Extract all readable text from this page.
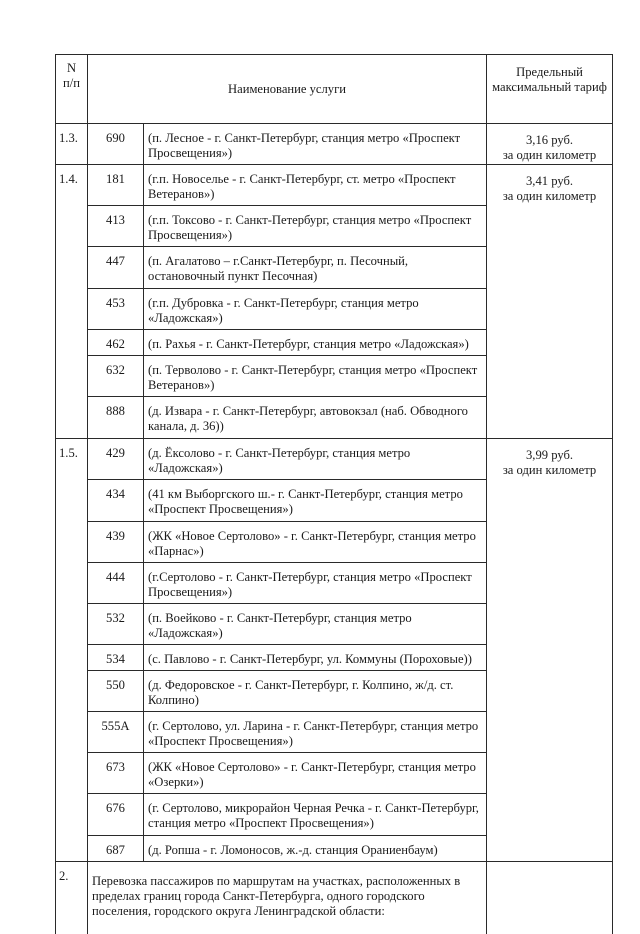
N
п/п	Наименование услуги		Предельный максимальный тариф
1.3.	690	(п. Лесное - г. Санкт-Петербург, станция метро «Проспект Просвещения»)	3,16 руб.
за один километр

1.4.	181	(г.п. Новоселье - г. Санкт-Петербург, ст. метро «Проспект Ветеранов»)	3,41 руб.
за один километр

	413	(г.п. Токсово - г. Санкт-Петербург, станция метро «Проспект Просвещения»)	
	447	(п. Агалатово – г.Санкт-Петербург, п. Песочный, остановочный пункт Песочная)	
	453	(г.п. Дубровка - г. Санкт-Петербург, станция метро «Ладожская»)	
	462	(п. Рахья - г. Санкт-Петербург, станция метро «Ладожская»)	
	632	(п. Терволово - г. Санкт-Петербург, станция метро «Проспект Ветеранов»)	
	888	(д. Извара - г. Санкт-Петербург, автовокзал (наб. Обводного канала, д. 36))	
1.5.	429	(д. Ёксолово - г. Санкт-Петербург, станция метро «Ладожская»)	3,99 руб.
за один километр

	434	(41 км Выборгского ш.- г. Санкт-Петербург, станция метро «Проспект Просвещения»)	
	439	(ЖК «Новое Сертолово» - г. Санкт-Петербург, станция метро «Парнас»)	
	444	(г.Сертолово - г. Санкт-Петербург, станция метро «Проспект Просвещения»)	
	532	(п. Воейково - г. Санкт-Петербург, станция метро «Ладожская»)	
	534	(с. Павлово - г. Санкт-Петербург, ул. Коммуны (Пороховые))	
	550	(д. Федоровское - г. Санкт-Петербург, г. Колпино, ж/д. ст. Колпино)	
	555А	(г. Сертолово, ул. Ларина - г. Санкт-Петербург, станция метро «Проспект Просвещения»)	
	673	(ЖК «Новое Сертолово» - г. Санкт-Петербург, станция метро «Озерки»)	
	676	(г. Сертолово, микрорайон Черная Речка - г. Санкт-Петербург, станция метро «Проспект Просвещения»)	
	687	(д. Ропша - г. Ломоносов, ж.-д. станция Ораниенбаум)	
2.	Перевозка пассажиров по маршрутам на участках, расположенных в пределах границ города Санкт-Петербурга, одного городского поселения, городского округа Ленинградской области:		
